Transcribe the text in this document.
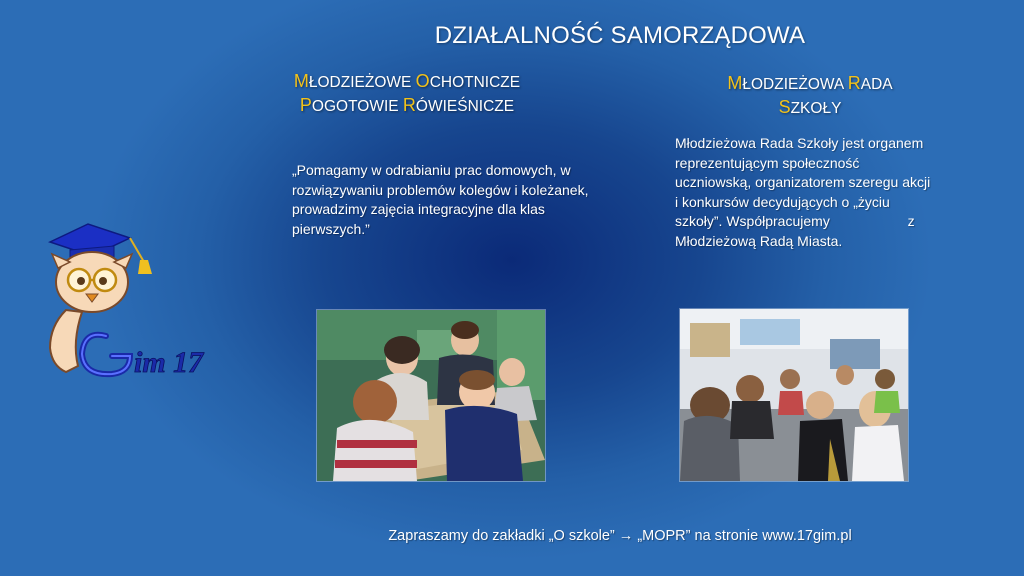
DZIAŁALNOŚĆ SAMORZĄDOWA
MŁODZIEŻOWE OCHOTNICZE
POGOTOWIE RÓWIEŚNICZE
MŁODZIEŻOWA RADA
SZKOŁY
„Pomagamy w odrabianiu prac domowych, w rozwiązywaniu problemów kolegów i koleżanek, prowadzimy zajęcia integracyjne dla klas pierwszych.”
Młodzieżowa Rada Szkoły jest organem
reprezentującym społeczność
uczniowską, organizatorem szeregu akcji
i konkursów decydujących o „życiu
szkoły”. Współpracujemy                    z
Młodzieżową Radą Miasta.
im 17
Zapraszamy do zakładki „O szkole” → „MOPR” na stronie www.17gim.pl
